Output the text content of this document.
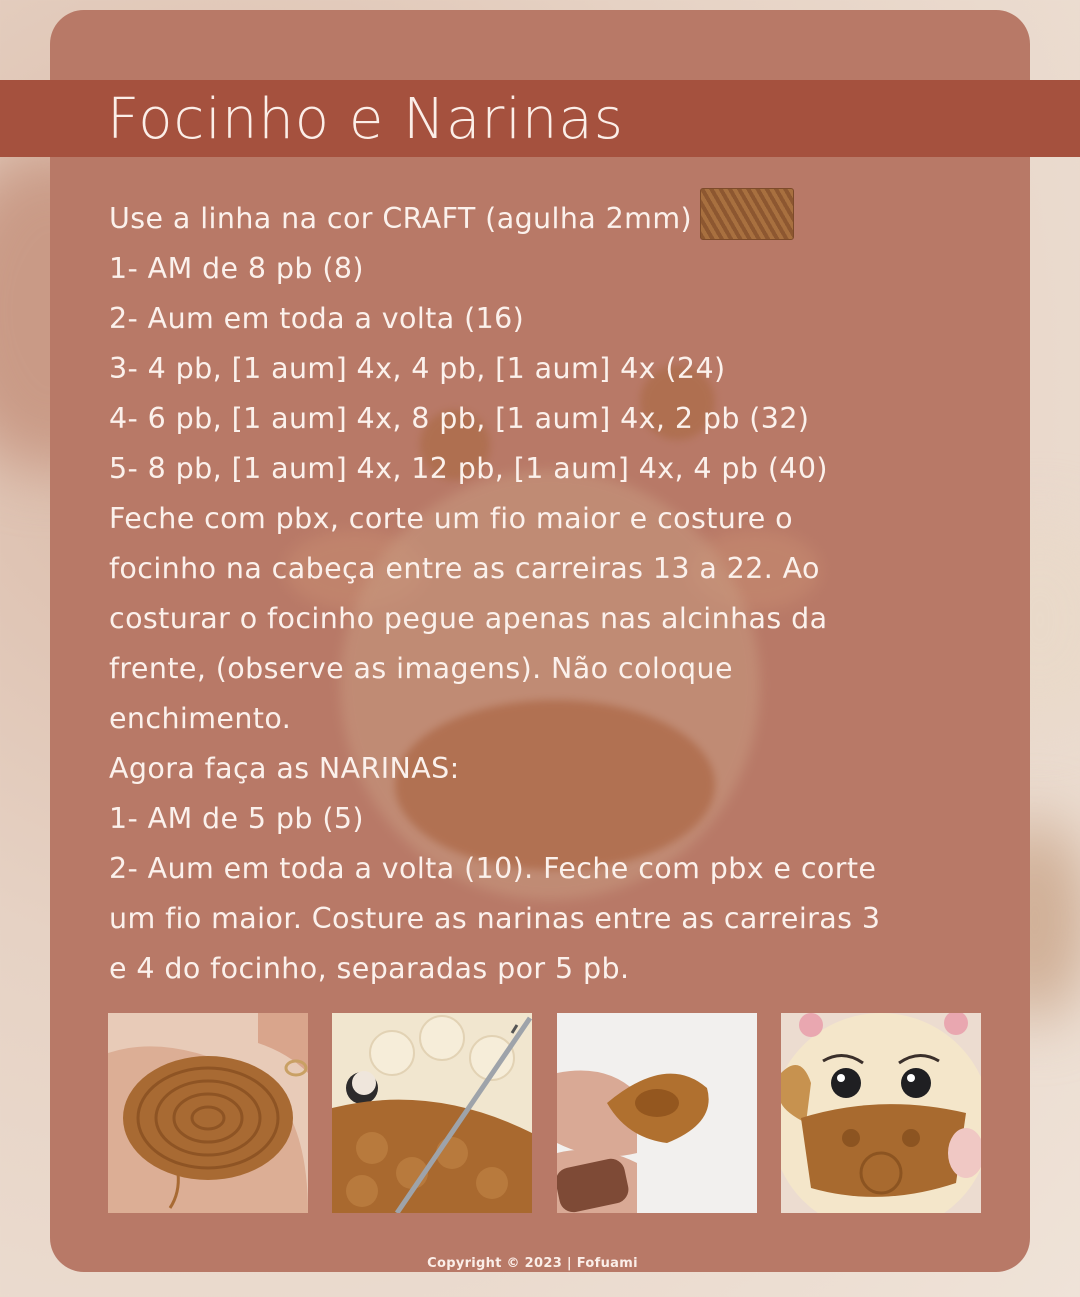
Focinho e Narinas
Use a linha na cor CRAFT (agulha 2mm)
1- AM de 8 pb (8)
2- Aum em toda a volta (16)
3- 4 pb, [1 aum] 4x, 4 pb, [1 aum] 4x (24)
4- 6 pb, [1 aum] 4x, 8 pb, [1 aum] 4x, 2 pb (32)
5- 8 pb, [1 aum] 4x, 12 pb, [1 aum] 4x, 4 pb (40)
Feche com pbx, corte um fio maior e costure o
focinho na cabeça entre as carreiras 13 a 22. Ao
costurar o focinho pegue apenas nas alcinhas da
frente, (observe as imagens). Não coloque
enchimento.
Agora faça as NARINAS:
1- AM de 5 pb (5)
2- Aum em toda a volta (10). Feche com pbx e corte
um fio maior. Costure as narinas entre as carreiras 3
e 4 do focinho, separadas por 5 pb.
Copyright © 2023 | Fofuami
